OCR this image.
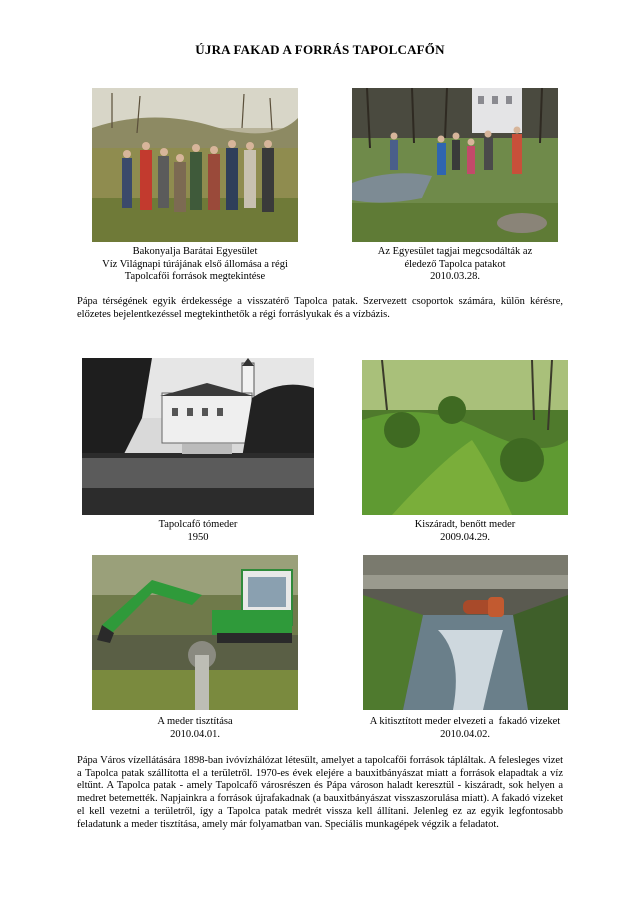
ÚJRA FAKAD A FORRÁS TAPOLCAFŐN
Bakonyalja Barátai Egyesület
Víz Világnapi túrájának első állomása a régi
Tapolcafői források megtekintése
Az Egyesület tagjai megcsodálták az
éledező Tapolca patakot
2010.03.28.
Pápa térségének egyik érdekessége a visszatérő Tapolca patak. Szervezett csoportok számára, külön kérésre, előzetes bejelentkezéssel megtekinthetők a régi forráslyukak és a vízbázis.
Tapolcafő tómeder
1950
Kiszáradt, benőtt meder
2009.04.29.
A meder tisztítása
2010.04.01.
A kitisztított meder elvezeti a  fakadó vizeket
2010.04.02.
Pápa Város vízellátására 1898-ban ivóvízhálózat létesült, amelyet a tapolcafői források tápláltak. A felesleges vizet a Tapolca patak szállította el a területről. 1970-es évek elejére a bauxitbányászat miatt a források elapadtak a víz eltűnt. A Tapolca patak - amely Tapolcafő városrészen és Pápa városon haladt keresztül - kiszáradt, sok helyen a medret betemették. Napjainkra a források újrafakadnak (a bauxitbányászat visszaszorulása miatt). A fakadó vizeket el kell vezetni a területről, így a Tapolca patak medrét vissza kell állítani. Jelenleg ez az egyik legfontosabb feladatunk a meder tisztítása, amely már folyamatban van. Speciális munkagépek végzik a feladatot.
